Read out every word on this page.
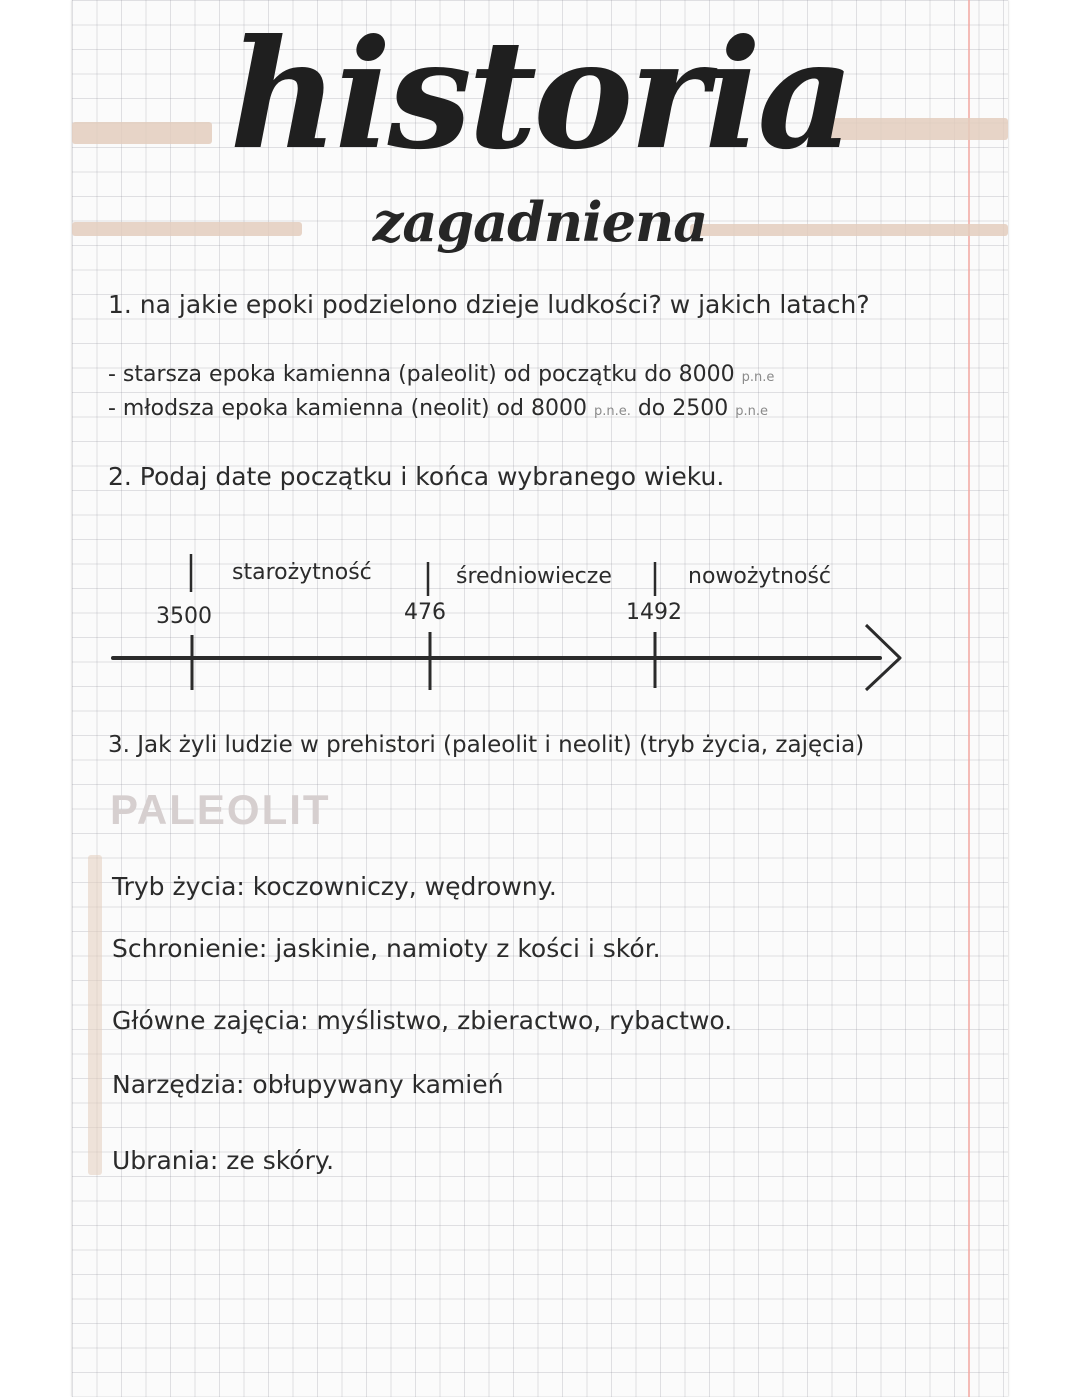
historia
zagadniena
1. na jakie epoki podzielono dzieje ludkości? w jakich latach?
- starsza epoka kamienna (paleolit) od początku do 8000 p.n.e
- młodsza epoka kamienna (neolit) od 8000 p.n.e. do 2500 p.n.e
2. Podaj date początku i końca wybranego wieku.
starożytność	średniowiecze	nowożytność
3500	476	1492
3. Jak żyli ludzie w prehistori (paleolit i neolit) (tryb życia, zajęcia)
PALEOLIT
Tryb życia: koczowniczy, wędrowny.
Schronienie: jaskinie, namioty z kości i skór.
Główne zajęcia: myślistwo, zbieractwo, rybactwo.
Narzędzia: obłupywany kamień
Ubrania: ze skóry.
